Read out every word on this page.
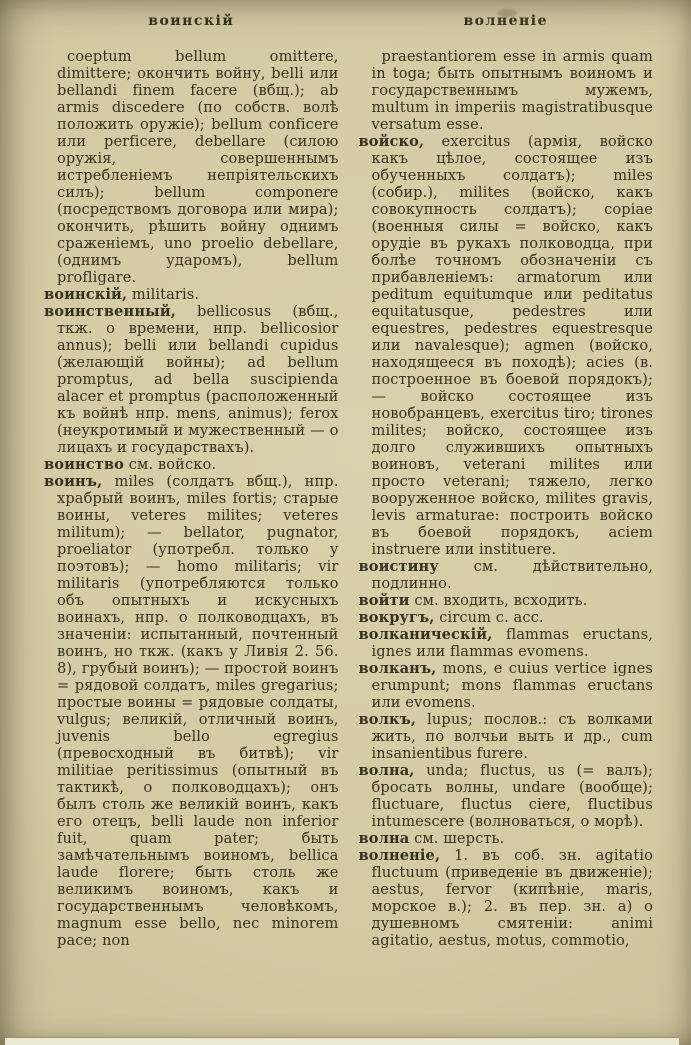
воинскій	волненіе

coeptum bellum omittere, dimittere; окончить войну, belli или bellandi finem facere (вбщ.); ab armis discedere (по собств. волѣ положить оружіе); bellum conficere или perficere, debellare (силою оружія, совершеннымъ истребленіемъ непріятельскихъ силъ); bellum componere (посредствомъ договора или мира); окончить, рѣшить войну однимъ сраженіемъ, uno proelio debellare, (однимъ ударомъ), bellum profligare.

воинскій, militaris.

воинственный, bellicosus (вбщ., ткж. о времени, нпр. bellicosior annus); belli или bellandi cupidus (желающій войны); ad bellum promptus, ad bella suscipienda alacer et promptus (расположенный къ войнѣ нпр. mens, animus); ferox (неукротимый и мужественный — о лицахъ и государствахъ).

воинство см. войско.

воинъ, miles (солдатъ вбщ.), нпр. храбрый воинъ, miles fortis; старые воины, veteres milites; veteres militum); — bellator, pugnator, proeliator (употребл. только у поэтовъ); — homo militaris; vir militaris (употребляются только объ опытныхъ и искусныхъ воинахъ, нпр. о полководцахъ, въ значеніи: испытанный, почтенный воинъ, но ткж. (какъ у Ливія 2. 56. 8), грубый воинъ); — простой воинъ = рядовой солдатъ, miles gregarius; простые воины = рядовые солдаты, vulgus; великій, отличный воинъ, juvenis bello egregius (превосходный въ битвѣ); vir militiae peritissimus (опытный въ тактикѣ, о полководцахъ); онъ былъ столь же великій воинъ, какъ его отецъ, belli laude non inferior fuit, quam pater; быть замѣчательнымъ воиномъ, bellica laude florere; быть столь же великимъ воиномъ, какъ и государственнымъ человѣкомъ, magnum esse bello, nec minorem pace; non

praestantiorem esse in armis quam in toga; быть опытнымъ воиномъ и государственнымъ мужемъ, multum in imperiis magistratibusque versatum esse.

войско, exercitus (армія, войско какъ цѣлое, состоящее изъ обученныхъ солдатъ); miles (собир.), milites (войско, какъ совокупность солдатъ); copiae (военныя силы = войско, какъ орудіе въ рукахъ полководца, при болѣе точномъ обозначеніи съ прибавленіемъ: armatorum или peditum equitumque или peditatus equitatusque, pedestres или equestres, pedestres equestresque или navalesque); agmen (войско, находящееся въ походѣ); acies (в. построенное въ боевой порядокъ); — войско состоящее изъ новобранцевъ, exercitus tiro; tirones milites; войско, состоящее изъ долго служившихъ опытныхъ воиновъ, veterani milites или просто veterani; тяжело, легко вооруженное войско, milites gravis, levis armaturae: построить войско въ боевой порядокъ, aciem instruere или instituere.

воистину см. дѣйствительно, подлинно.

войти см. входить, всходить.

вокругъ, circum c. acc.

волканическій, flammas eructans, ignes или flammas evomens.

волканъ, mons, e cuius vertice ignes erumpunt; mons flammas eructans или evomens.

волкъ, lupus; послов.: съ волками жить, по волчьи выть и др., cum insanientibus furere.

волна, unda; fluctus, us (= валъ); бросать волны, undare (вообще); fluctuare, fluctus ciere, fluctibus intumescere (волноваться, о морѣ).

волна см. шерсть.

волненіе, 1. въ соб. зн. agitatio fluctuum (приведеніе въ движеніе); aestus, fervor (кипѣніе, maris, морское в.); 2. въ пер. зн. а) о душевномъ смятеніи: animi agitatio, aestus, motus, commotio,
